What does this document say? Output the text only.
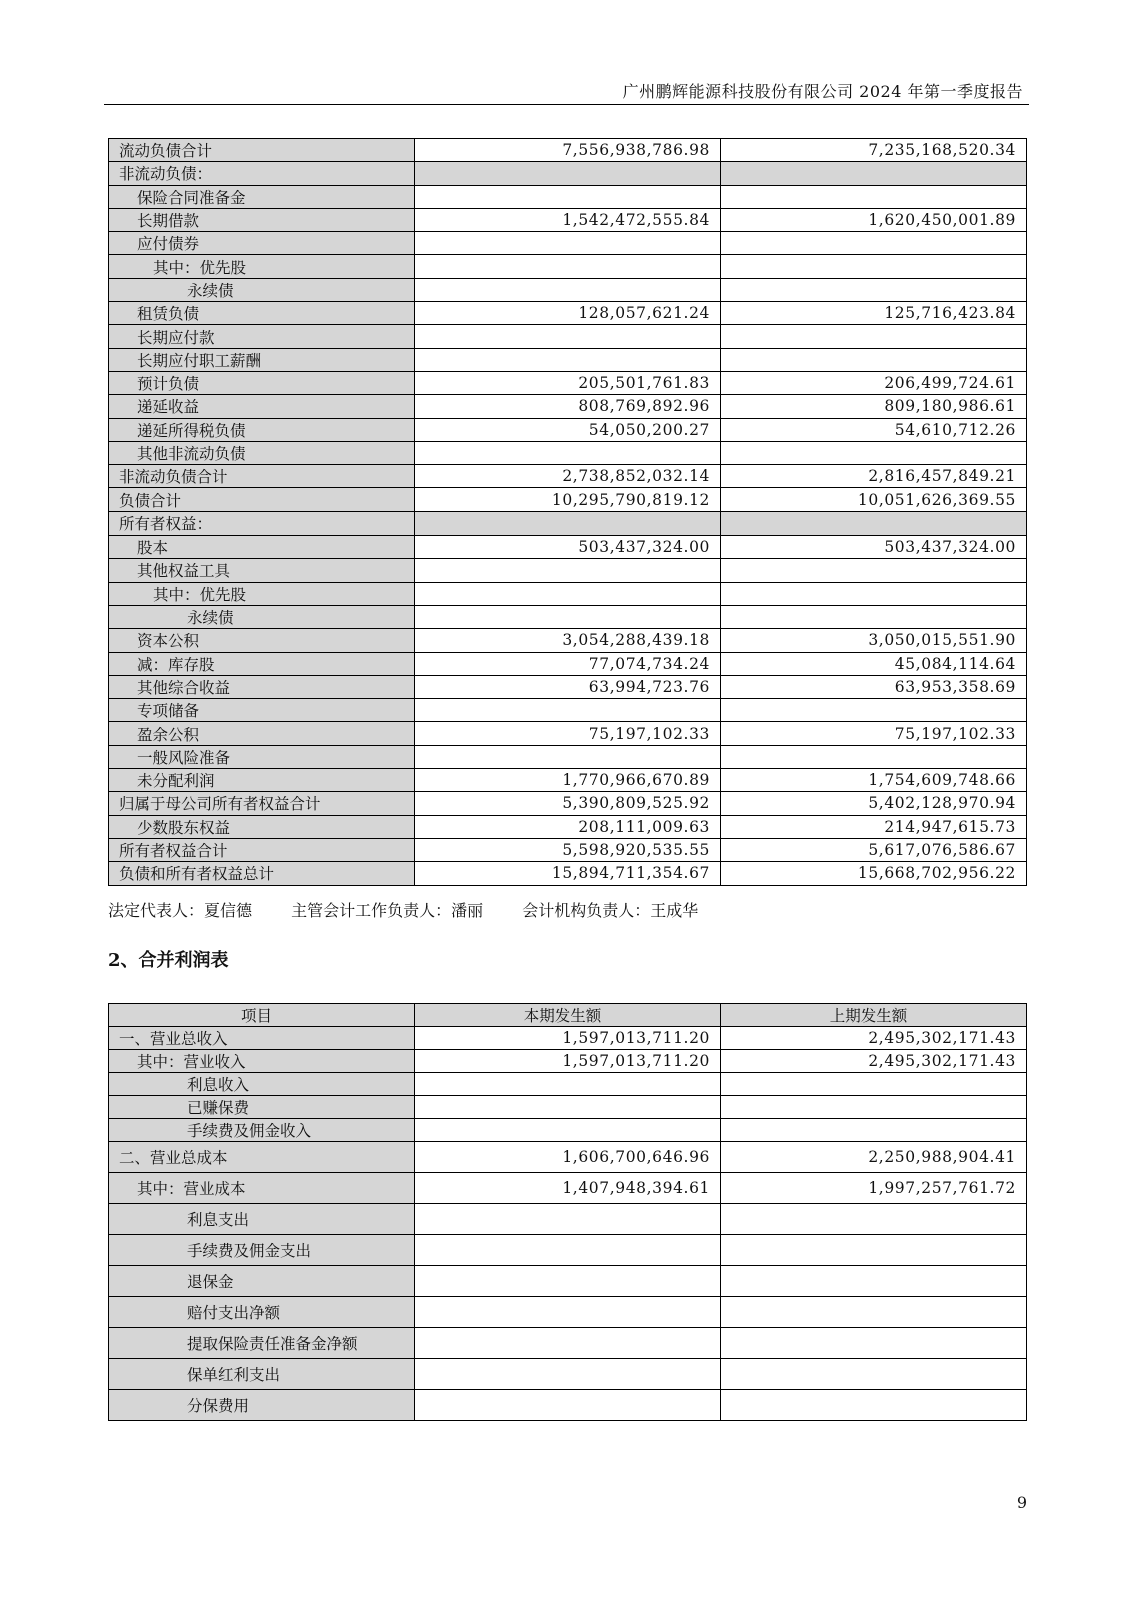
广州鹏辉能源科技股份有限公司 2024 年第一季度报告
流动负债合计	7,556,938,786.98	7,235,168,520.34
非流动负债：		
保险合同准备金		
长期借款	1,542,472,555.84	1,620,450,001.89
应付债券		
其中：优先股		
永续债		
租赁负债	128,057,621.24	125,716,423.84
长期应付款		
长期应付职工薪酬		
预计负债	205,501,761.83	206,499,724.61
递延收益	808,769,892.96	809,180,986.61
递延所得税负债	54,050,200.27	54,610,712.26
其他非流动负债		
非流动负债合计	2,738,852,032.14	2,816,457,849.21
负债合计	10,295,790,819.12	10,051,626,369.55
所有者权益：		
股本	503,437,324.00	503,437,324.00
其他权益工具		
其中：优先股		
永续债		
资本公积	3,054,288,439.18	3,050,015,551.90
减：库存股	77,074,734.24	45,084,114.64
其他综合收益	63,994,723.76	63,953,358.69
专项储备		
盈余公积	75,197,102.33	75,197,102.33
一般风险准备		
未分配利润	1,770,966,670.89	1,754,609,748.66
归属于母公司所有者权益合计	5,390,809,525.92	5,402,128,970.94
少数股东权益	208,111,009.63	214,947,615.73
所有者权益合计	5,598,920,535.55	5,617,076,586.67
负债和所有者权益总计	15,894,711,354.67	15,668,702,956.22
法定代表人：夏信德 主管会计工作负责人：潘丽 会计机构负责人：王成华
2、合并利润表
项目	本期发生额	上期发生额
一、营业总收入	1,597,013,711.20	2,495,302,171.43
其中：营业收入	1,597,013,711.20	2,495,302,171.43
利息收入		
已赚保费		
手续费及佣金收入		
二、营业总成本	1,606,700,646.96	2,250,988,904.41
其中：营业成本	1,407,948,394.61	1,997,257,761.72
利息支出		
手续费及佣金支出		
退保金		
赔付支出净额		
提取保险责任准备金净额		
保单红利支出		
分保费用		
9
